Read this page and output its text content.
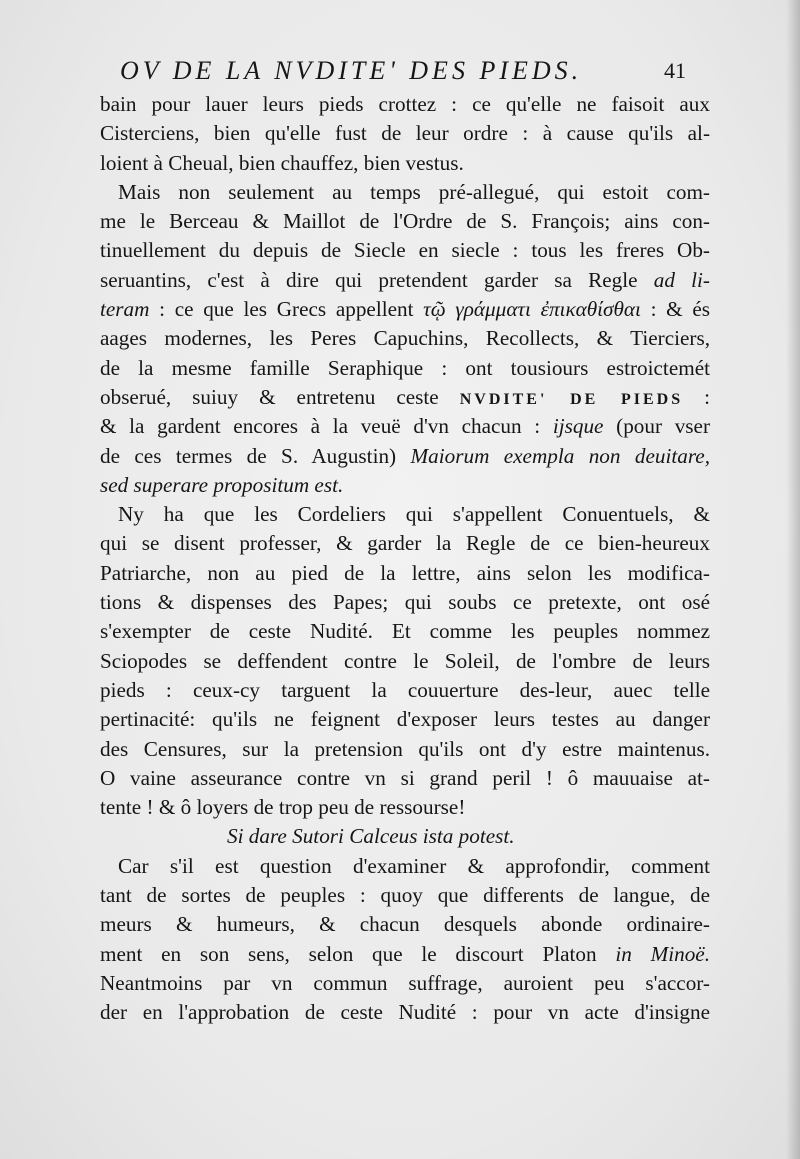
OV DE LA NVDITE' DES PIEDS.	41
bain pour lauer leurs pieds crottez : ce qu'elle ne faisoit aux
Cisterciens, bien qu'elle fust de leur ordre : à cause qu'ils al-
loient à Cheual, bien chauffez, bien vestus.
Mais non seulement au temps pré-allegué, qui estoit com-
me le Berceau & Maillot de l'Ordre de S. François; ains con-
tinuellement du depuis de Siecle en siecle : tous les freres Ob-
seruantins, c'est à dire qui pretendent garder sa Regle ad li-
teram : ce que les Grecs appellent τῷ γράμματι ἐπικαθίσθαι : & és
aages modernes, les Peres Capuchins, Recollects, & Tierciers,
de la mesme famille Seraphique : ont tousiours estroictemét
obserué, suiuy & entretenu ceste NVDITE' DE PIEDS :
& la gardent encores à la veuë d'vn chacun : ijsque (pour vser
de ces termes de S. Augustin) Maiorum exempla non deuitare,
sed superare propositum est.
Ny ha que les Cordeliers qui s'appellent Conuentuels, &
qui se disent professer, & garder la Regle de ce bien-heureux
Patriarche, non au pied de la lettre, ains selon les modifica-
tions & dispenses des Papes; qui soubs ce pretexte, ont osé
s'exempter de ceste Nudité. Et comme les peuples nommez
Sciopodes se deffendent contre le Soleil, de l'ombre de leurs
pieds : ceux-cy targuent la couuerture des-leur, auec telle
pertinacité: qu'ils ne feignent d'exposer leurs testes au danger
des Censures, sur la pretension qu'ils ont d'y estre maintenus.
O vaine asseurance contre vn si grand peril ! ô mauuaise at-
tente ! & ô loyers de trop peu de ressourse!
Si dare Sutori Calceus ista potest.
Car s'il est question d'examiner & approfondir, comment
tant de sortes de peuples : quoy que differents de langue, de
meurs & humeurs, & chacun desquels abonde ordinaire-
ment en son sens, selon que le discourt Platon in Minoë.
Neantmoins par vn commun suffrage, auroient peu s'accor-
der en l'approbation de ceste Nudité : pour vn acte d'insigne
